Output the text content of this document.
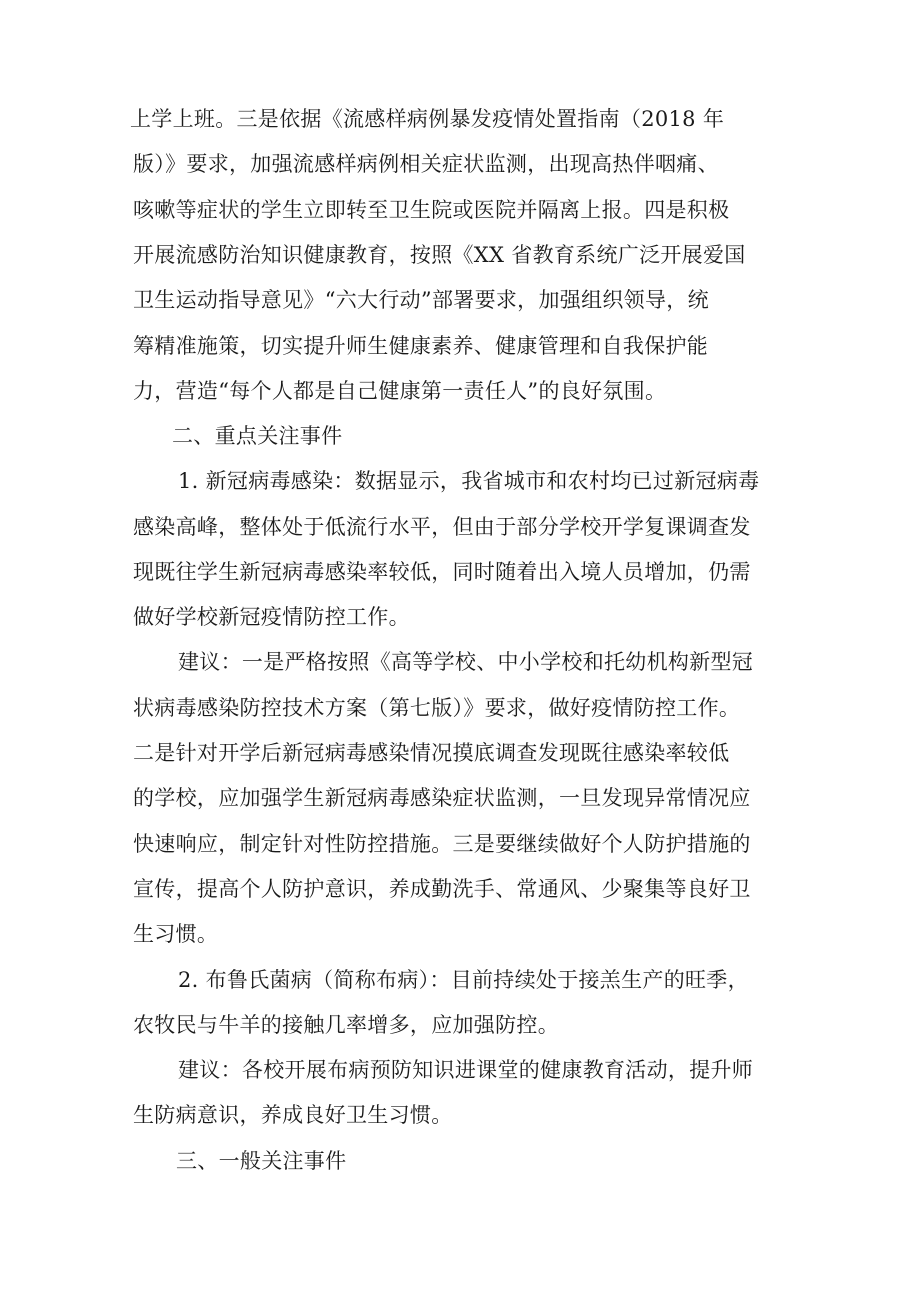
上学上班。三是依据《流感样病例暴发疫情处置指南（2018 年
版）》要求，加强流感样病例相关症状监测，出现高热伴咽痛、
咳嗽等症状的学生立即转至卫生院或医院并隔离上报。四是积极
开展流感防治知识健康教育，按照《XX 省教育系统广泛开展爱国
卫生运动指导意见》“六大行动”部署要求，加强组织领导，统
筹精准施策，切实提升师生健康素养、健康管理和自我保护能
力，营造“每个人都是自己健康第一责任人”的良好氛围。
二、重点关注事件
1. 新冠病毒感染：数据显示，我省城市和农村均已过新冠病毒
感染高峰，整体处于低流行水平，但由于部分学校开学复课调查发
现既往学生新冠病毒感染率较低，同时随着出入境人员增加，仍需
做好学校新冠疫情防控工作。
建议：一是严格按照《高等学校、中小学校和托幼机构新型冠
状病毒感染防控技术方案（第七版）》要求，做好疫情防控工作。
二是针对开学后新冠病毒感染情况摸底调查发现既往感染率较低
的学校，应加强学生新冠病毒感染症状监测，一旦发现异常情况应
快速响应，制定针对性防控措施。三是要继续做好个人防护措施的
宣传，提高个人防护意识，养成勤洗手、常通风、少聚集等良好卫
生习惯。
2. 布鲁氏菌病（简称布病）：目前持续处于接羔生产的旺季，
农牧民与牛羊的接触几率增多，应加强防控。
建议：各校开展布病预防知识进课堂的健康教育活动，提升师
生防病意识，养成良好卫生习惯。
三、一般关注事件
